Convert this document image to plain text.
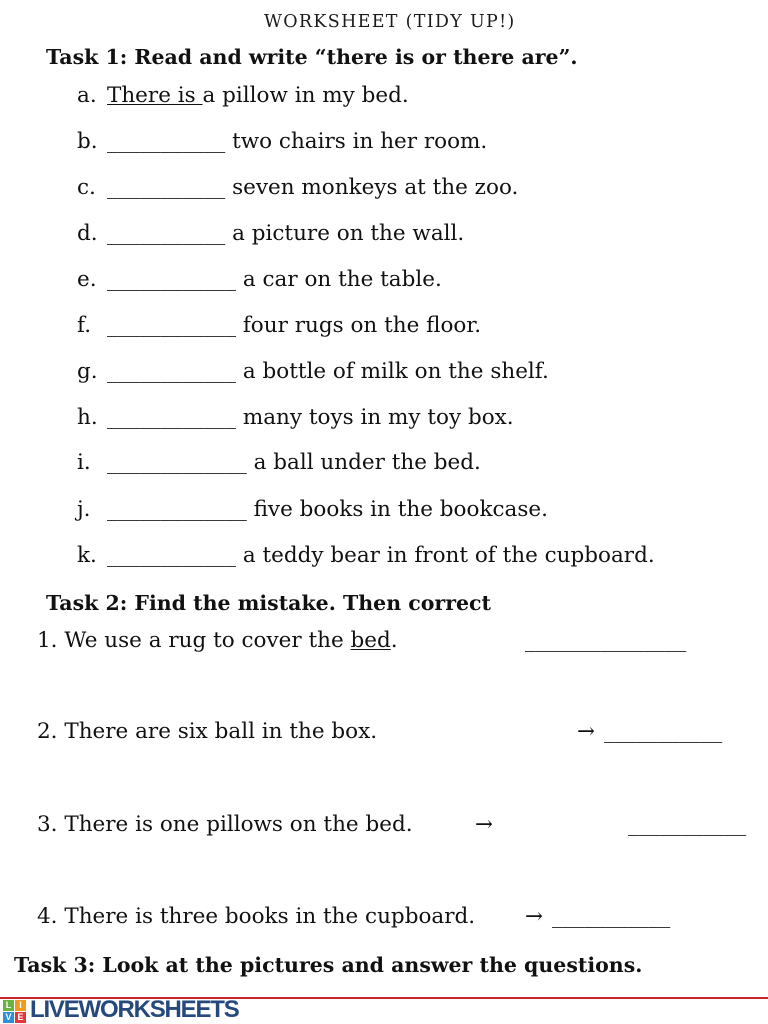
WORKSHEET (TIDY UP!)
Task 1: Read and write “there is or there are”.
a. There is a pillow in my bed.
b. ___________ two chairs in her room.
c. ___________ seven monkeys at the zoo.
d. ___________ a picture on the wall.
e. ____________ a car on the table.
f. ____________ four rugs on the floor.
g. ____________ a bottle of milk on the shelf.
h. ____________ many toys in my toy box.
i. _____________ a ball under the bed.
j. _____________ five books in the bookcase.
k. ____________ a teddy bear in front of the cupboard.
Task 2: Find the mistake. Then correct
1. We use a rug to cover the bed.	_______________
2. There are six ball in the box.	→ ___________
3. There is one pillows on the bed.	→	___________
4. There is three books in the cupboard. → ___________
Task 3: Look at the pictures and answer the questions.
L I
V E LIVEWORKSHEETS
